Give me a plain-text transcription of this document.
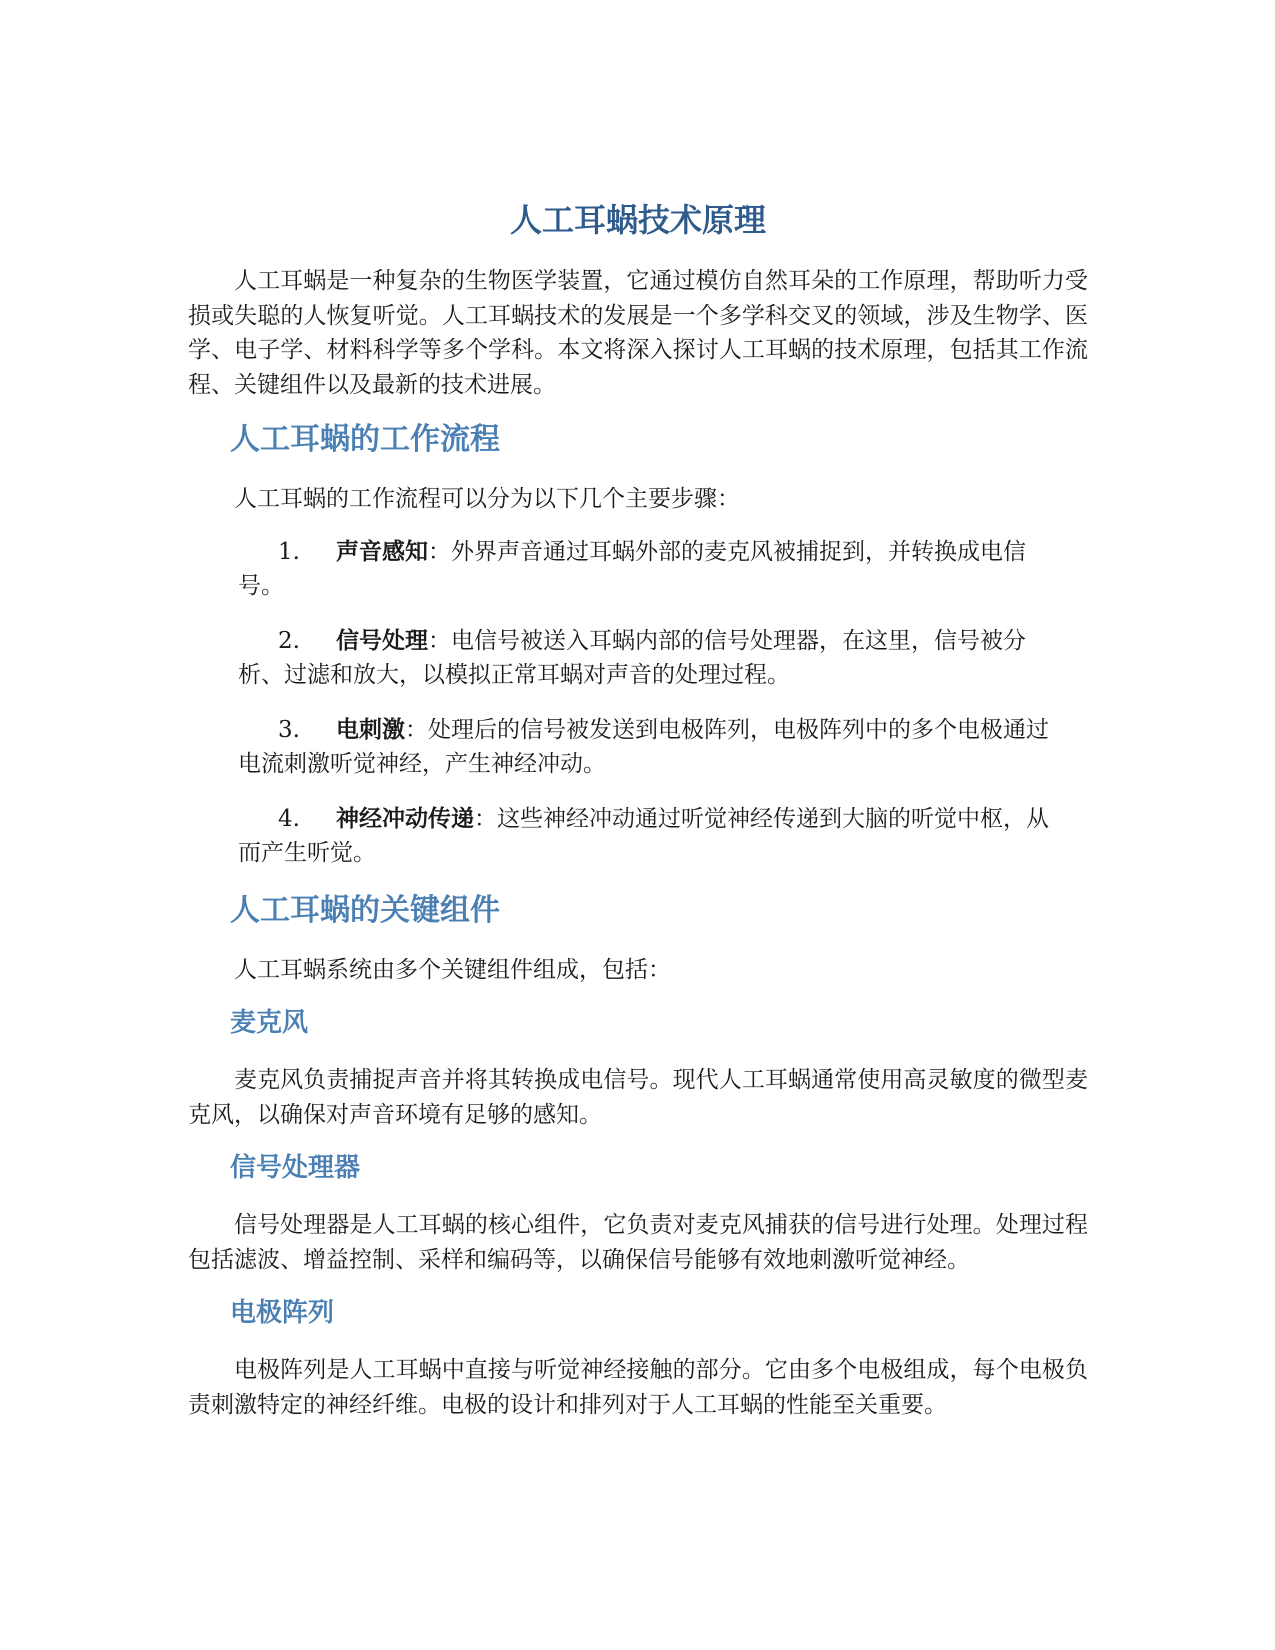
人工耳蜗技术原理

人工耳蜗是一种复杂的生物医学装置，它通过模仿自然耳朵的工作原理，帮助听力受损或失聪的人恢复听觉。人工耳蜗技术的发展是一个多学科交叉的领域，涉及生物学、医学、电子学、材料科学等多个学科。本文将深入探讨人工耳蜗的技术原理，包括其工作流程、关键组件以及最新的技术进展。

人工耳蜗的工作流程

人工耳蜗的工作流程可以分为以下几个主要步骤：

1. 声音感知：外界声音通过耳蜗外部的麦克风被捕捉到，并转换成电信号。
2. 信号处理：电信号被送入耳蜗内部的信号处理器，在这里，信号被分析、过滤和放大，以模拟正常耳蜗对声音的处理过程。
3. 电刺激：处理后的信号被发送到电极阵列，电极阵列中的多个电极通过电流刺激听觉神经，产生神经冲动。
4. 神经冲动传递：这些神经冲动通过听觉神经传递到大脑的听觉中枢，从而产生听觉。
人工耳蜗的关键组件

人工耳蜗系统由多个关键组件组成，包括：

麦克风

麦克风负责捕捉声音并将其转换成电信号。现代人工耳蜗通常使用高灵敏度的微型麦克风，以确保对声音环境有足够的感知。

信号处理器

信号处理器是人工耳蜗的核心组件，它负责对麦克风捕获的信号进行处理。处理过程包括滤波、增益控制、采样和编码等，以确保信号能够有效地刺激听觉神经。

电极阵列

电极阵列是人工耳蜗中直接与听觉神经接触的部分。它由多个电极组成，每个电极负责刺激特定的神经纤维。电极的设计和排列对于人工耳蜗的性能至关重要。
